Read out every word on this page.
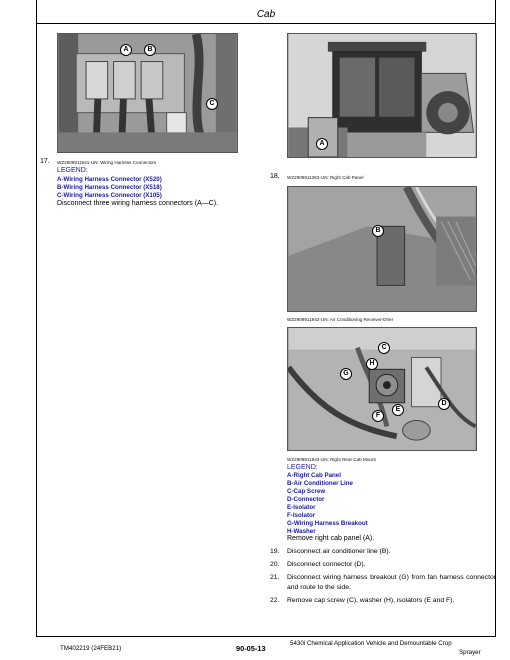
Cab
A	B
C
17. WZ2909911941-UN: Wiring Harness Connectors
LEGEND:
A-Wiring Harness Connector (X520)
B-Wiring Harness Connector (X518)
C-Wiring Harness Connector (X105)
Disconnect three wiring harness connectors (A—C).
A
18. WZ2909911363-UN: Right Cab Panel
B
WZ2909911942-UN: Air Conditioning Receiver-Drier
C
H
G
D
E
F
WZ2909911943-UN: Right Rear Cab Mount
LEGEND:
A-Right Cab Panel
B-Air Conditioner Line
C-Cap Screw
D-Connector
E-Isolator
F-Isolator
G-Wiring Harness Breakout
H-Washer
Remove right cab panel (A).
19.	Disconnect air conditioner line (B).
20.	Disconnect connector (D).
21.	Disconnect wiring harness breakout (G) from fan harness connector and route to the side.
22.	Remove cap screw (C), washer (H), isolators (E and F).
TM402219 (24FEB21)	90-05-13
5430i Chemical Application Vehicle and Demountable Crop
Sprayer
